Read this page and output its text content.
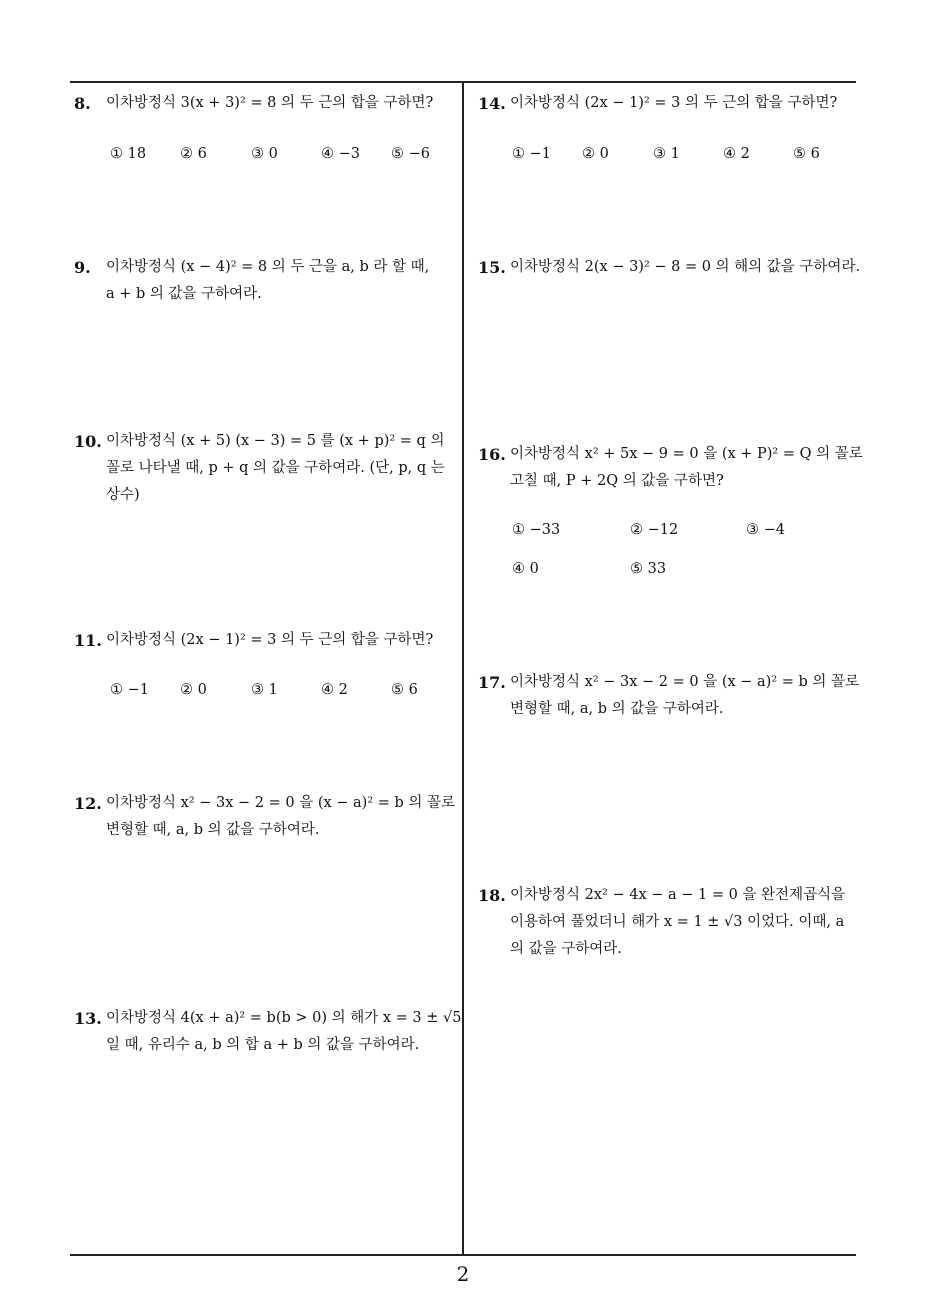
8. 이차방정식 3(x + 3)² = 8 의 두 근의 합을 구하면?
① 18 ② 6	③ 0	④ −3 ⑤ −6
9. 이차방정식 (x − 4)² = 8 의 두 근을 a, b 라 할 때,
a + b 의 값을 구하여라.
10. 이차방정식 (x + 5) (x − 3) = 5 를 (x + p)² = q 의
꼴로 나타낼 때, p + q 의 값을 구하여라. (단, p, q 는
상수)
11. 이차방정식 (2x − 1)² = 3 의 두 근의 합을 구하면?
① −1 ② 0	③ 1	④ 2	⑤ 6
12. 이차방정식 x² − 3x − 2 = 0 을 (x − a)² = b 의 꼴로
변형할 때, a, b 의 값을 구하여라.
13. 이차방정식 4(x + a)² = b(b > 0) 의 해가 x = 3 ± √5
일 때, 유리수 a, b 의 합 a + b 의 값을 구하여라.
14. 이차방정식 (2x − 1)² = 3 의 두 근의 합을 구하면?
① −1 ② 0	③ 1	④ 2	⑤ 6
15. 이차방정식 2(x − 3)² − 8 = 0 의 해의 값을 구하여라.
16. 이차방정식 x² + 5x − 9 = 0 을 (x + P)² = Q 의 꼴로
고칠 때, P + 2Q 의 값을 구하면?
① −33	② −12	③ −4
④ 0	⑤ 33
17. 이차방정식 x² − 3x − 2 = 0 을 (x − a)² = b 의 꼴로
변형할 때, a, b 의 값을 구하여라.
18. 이차방정식 2x² − 4x − a − 1 = 0 을 완전제곱식을
이용하여 풀었더니 해가 x = 1 ± √3 이었다. 이때, a
의 값을 구하여라.
2
